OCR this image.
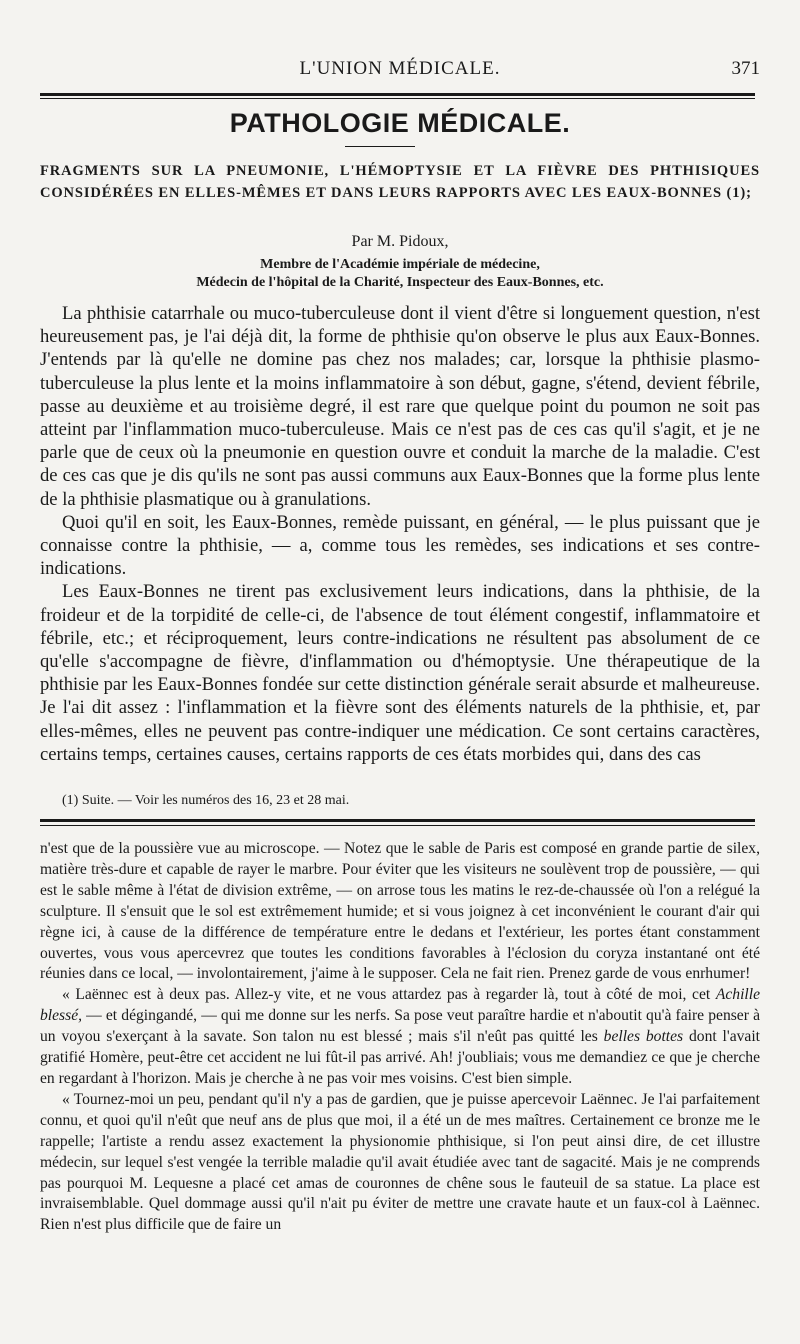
L'UNION MÉDICALE.	371
PATHOLOGIE MÉDICALE.
FRAGMENTS SUR LA PNEUMONIE, L'HÉMOPTYSIE ET LA FIÈVRE DES PHTHISIQUES CONSIDÉRÉES EN ELLES-MÊMES ET DANS LEURS RAPPORTS AVEC LES EAUX-BONNES (1);
Par M. Pidoux,
Membre de l'Académie impériale de médecine,
Médecin de l'hôpital de la Charité, Inspecteur des Eaux-Bonnes, etc.

La phthisie catarrhale ou muco-tuberculeuse dont il vient d'être si longuement question, n'est heureusement pas, je l'ai déjà dit, la forme de phthisie qu'on observe le plus aux Eaux-Bonnes. J'entends par là qu'elle ne domine pas chez nos malades; car, lorsque la phthisie plasmo-tuberculeuse la plus lente et la moins inflammatoire à son début, gagne, s'étend, devient fébrile, passe au deuxième et au troisième degré, il est rare que quelque point du poumon ne soit pas atteint par l'inflammation muco-tuberculeuse. Mais ce n'est pas de ces cas qu'il s'agit, et je ne parle que de ceux où la pneumonie en question ouvre et conduit la marche de la maladie. C'est de ces cas que je dis qu'ils ne sont pas aussi communs aux Eaux-Bonnes que la forme plus lente de la phthisie plasmatique ou à granulations.

Quoi qu'il en soit, les Eaux-Bonnes, remède puissant, en général, — le plus puissant que je connaisse contre la phthisie, — a, comme tous les remèdes, ses indications et ses contre-indications.

Les Eaux-Bonnes ne tirent pas exclusivement leurs indications, dans la phthisie, de la froideur et de la torpidité de celle-ci, de l'absence de tout élément congestif, inflammatoire et fébrile, etc.; et réciproquement, leurs contre-indications ne résultent pas absolument de ce qu'elle s'accompagne de fièvre, d'inflammation ou d'hémoptysie. Une thérapeutique de la phthisie par les Eaux-Bonnes fondée sur cette distinction générale serait absurde et malheureuse. Je l'ai dit assez : l'inflammation et la fièvre sont des éléments naturels de la phthisie, et, par elles-mêmes, elles ne peuvent pas contre-indiquer une médication. Ce sont certains caractères, certains temps, certaines causes, certains rapports de ces états morbides qui, dans des cas

(1) Suite. — Voir les numéros des 16, 23 et 28 mai.

n'est que de la poussière vue au microscope. — Notez que le sable de Paris est composé en grande partie de silex, matière très-dure et capable de rayer le marbre. Pour éviter que les visiteurs ne soulèvent trop de poussière, — qui est le sable même à l'état de division extrême, — on arrose tous les matins le rez-de-chaussée où l'on a relégué la sculpture. Il s'ensuit que le sol est extrêmement humide; et si vous joignez à cet inconvénient le courant d'air qui règne ici, à cause de la différence de température entre le dedans et l'extérieur, les portes étant constamment ouvertes, vous vous apercevrez que toutes les conditions favorables à l'éclosion du coryza instantané ont été réunies dans ce local, — involontairement, j'aime à le supposer. Cela ne fait rien. Prenez garde de vous enrhumer!

« Laënnec est à deux pas. Allez-y vite, et ne vous attardez pas à regarder là, tout à côté de moi, cet Achille blessé, — et dégingandé, — qui me donne sur les nerfs. Sa pose veut paraître hardie et n'aboutit qu'à faire penser à un voyou s'exerçant à la savate. Son talon nu est blessé ; mais s'il n'eût pas quitté les belles bottes dont l'avait gratifié Homère, peut-être cet accident ne lui fût-il pas arrivé. Ah! j'oubliais; vous me demandiez ce que je cherche en regardant à l'horizon. Mais je cherche à ne pas voir mes voisins. C'est bien simple.

« Tournez-moi un peu, pendant qu'il n'y a pas de gardien, que je puisse apercevoir Laënnec. Je l'ai parfaitement connu, et quoi qu'il n'eût que neuf ans de plus que moi, il a été un de mes maîtres. Certainement ce bronze me le rappelle; l'artiste a rendu assez exactement la physionomie phthisique, si l'on peut ainsi dire, de cet illustre médecin, sur lequel s'est vengée la terrible maladie qu'il avait étudiée avec tant de sagacité. Mais je ne comprends pas pourquoi M. Lequesne a placé cet amas de couronnes de chêne sous le fauteuil de sa statue. La place est invraisemblable. Quel dommage aussi qu'il n'ait pu éviter de mettre une cravate haute et un faux-col à Laënnec. Rien n'est plus difficile que de faire un
